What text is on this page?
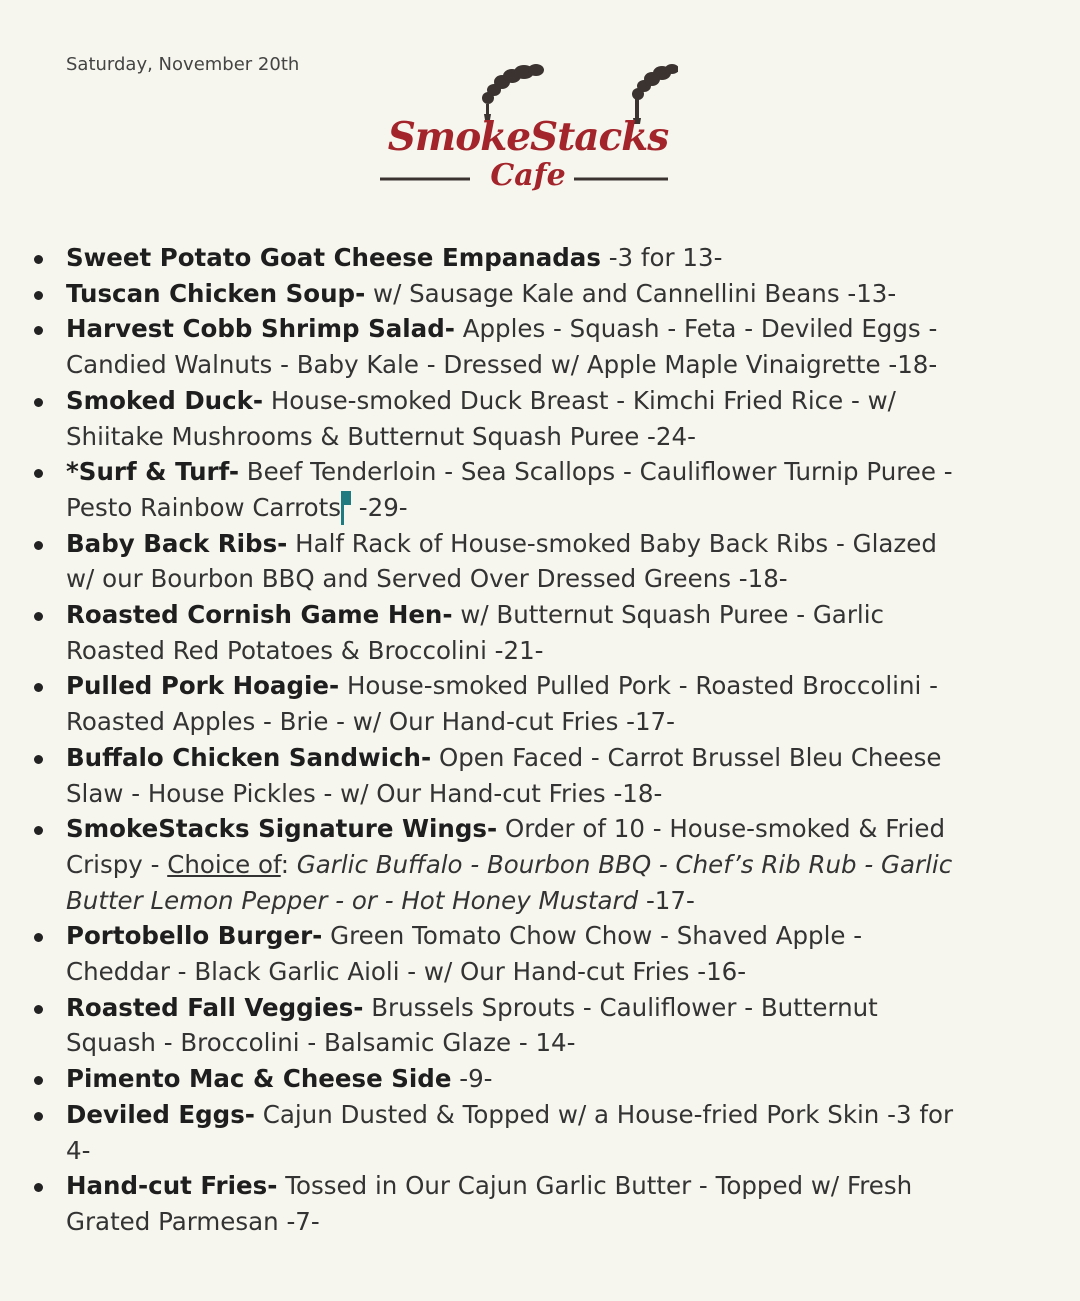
Saturday, November 20th
SmokeStacks
Cafe
Sweet Potato Goat Cheese Empanadas -3 for 13-
Tuscan Chicken Soup- w/ Sausage Kale and Cannellini Beans -13-
Harvest Cobb Shrimp Salad- Apples - Squash - Feta - Deviled Eggs - Candied Walnuts - Baby Kale - Dressed w/ Apple Maple Vinaigrette -18-
Smoked Duck- House-smoked Duck Breast - Kimchi Fried Rice - w/ Shiitake Mushrooms & Butternut Squash Puree -24-
*Surf & Turf- Beef Tenderloin - Sea Scallops - Cauliflower Turnip Puree - Pesto Rainbow Carrots -29-
Baby Back Ribs- Half Rack of House-smoked Baby Back Ribs - Glazed w/ our Bourbon BBQ and Served Over Dressed Greens -18-
Roasted Cornish Game Hen- w/ Butternut Squash Puree - Garlic Roasted Red Potatoes & Broccolini -21-
Pulled Pork Hoagie- House-smoked Pulled Pork - Roasted Broccolini - Roasted Apples - Brie - w/ Our Hand-cut Fries -17-
Buffalo Chicken Sandwich- Open Faced - Carrot Brussel Bleu Cheese Slaw - House Pickles - w/ Our Hand-cut Fries -18-
SmokeStacks Signature Wings- Order of 10 - House-smoked & Fried Crispy - Choice of: Garlic Buffalo - Bourbon BBQ - Chef’s Rib Rub - Garlic Butter Lemon Pepper - or - Hot Honey Mustard -17-
Portobello Burger- Green Tomato Chow Chow - Shaved Apple - Cheddar - Black Garlic Aioli - w/ Our Hand-cut Fries -16-
Roasted Fall Veggies- Brussels Sprouts - Cauliflower - Butternut Squash - Broccolini - Balsamic Glaze - 14-
Pimento Mac & Cheese Side -9-
Deviled Eggs- Cajun Dusted & Topped w/ a House-fried Pork Skin -3 for 4-
Hand-cut Fries- Tossed in Our Cajun Garlic Butter - Topped w/ Fresh Grated Parmesan -7-
